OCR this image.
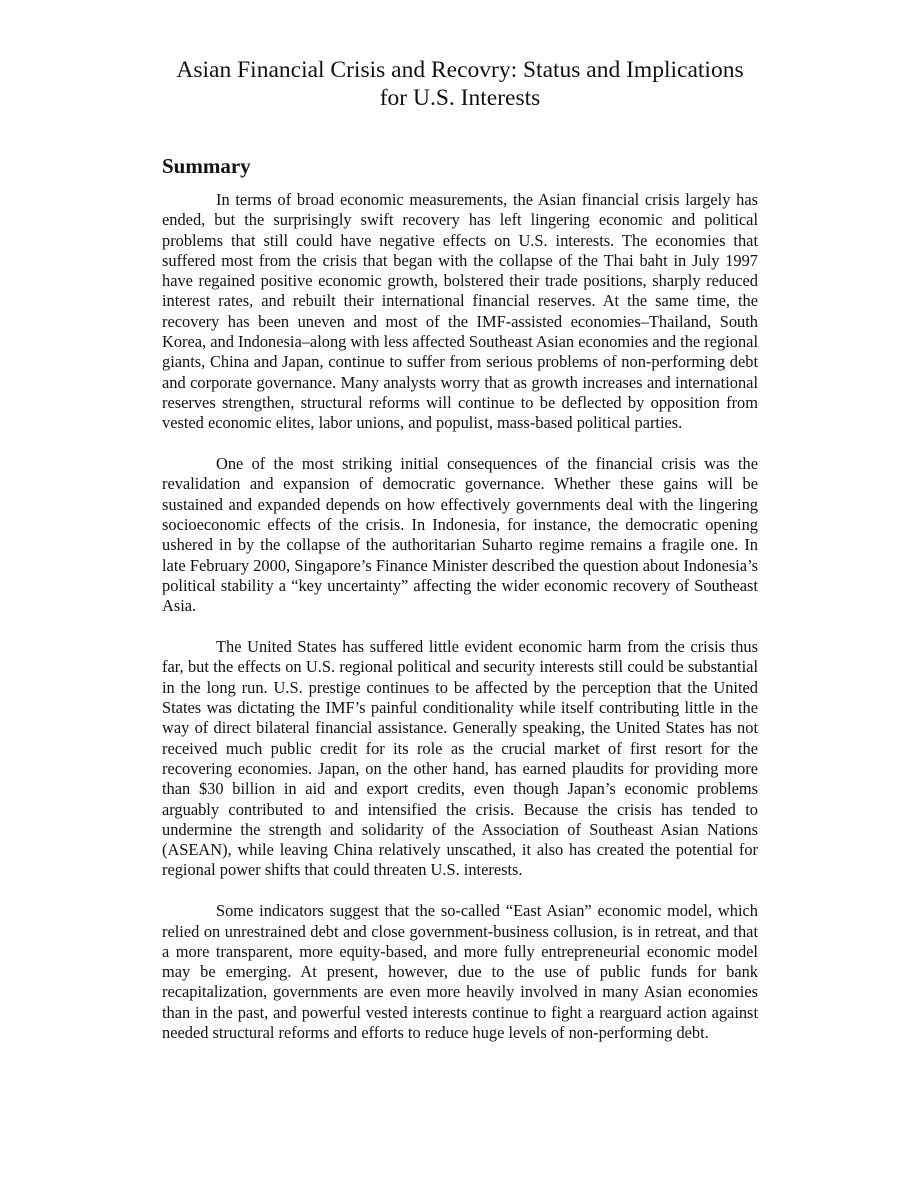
Asian Financial Crisis and Recovry: Status and Implications for U.S. Interests
Summary

In terms of broad economic measurements, the Asian financial crisis largely has ended, but the surprisingly swift recovery has left lingering economic and political problems that still could have negative effects on U.S. interests. The economies that suffered most from the crisis that began with the collapse of the Thai baht in July 1997 have regained positive economic growth, bolstered their trade positions, sharply reduced interest rates, and rebuilt their international financial reserves. At the same time, the recovery has been uneven and most of the IMF-assisted economies–Thailand, South Korea, and Indonesia–along with less affected Southeast Asian economies and the regional giants, China and Japan, continue to suffer from serious problems of non-performing debt and corporate governance. Many analysts worry that as growth increases and international reserves strengthen, structural reforms will continue to be deflected by opposition from vested economic elites, labor unions, and populist, mass-based political parties.

One of the most striking initial consequences of the financial crisis was the revalidation and expansion of democratic governance. Whether these gains will be sustained and expanded depends on how effectively governments deal with the lingering socioeconomic effects of the crisis. In Indonesia, for instance, the democratic opening ushered in by the collapse of the authoritarian Suharto regime remains a fragile one. In late February 2000, Singapore’s Finance Minister described the question about Indonesia’s political stability a “key uncertainty” affecting the wider economic recovery of Southeast Asia.

The United States has suffered little evident economic harm from the crisis thus far, but the effects on U.S. regional political and security interests still could be substantial in the long run. U.S. prestige continues to be affected by the perception that the United States was dictating the IMF’s painful conditionality while itself contributing little in the way of direct bilateral financial assistance. Generally speaking, the United States has not received much public credit for its role as the crucial market of first resort for the recovering economies. Japan, on the other hand, has earned plaudits for providing more than $30 billion in aid and export credits, even though Japan’s economic problems arguably contributed to and intensified the crisis. Because the crisis has tended to undermine the strength and solidarity of the Association of Southeast Asian Nations (ASEAN), while leaving China relatively unscathed, it also has created the potential for regional power shifts that could threaten U.S. interests.

Some indicators suggest that the so-called “East Asian” economic model, which relied on unrestrained debt and close government-business collusion, is in retreat, and that a more transparent, more equity-based, and more fully entrepreneurial economic model may be emerging. At present, however, due to the use of public funds for bank recapitalization, governments are even more heavily involved in many Asian economies than in the past, and powerful vested interests continue to fight a rearguard action against needed structural reforms and efforts to reduce huge levels of non-performing debt.
